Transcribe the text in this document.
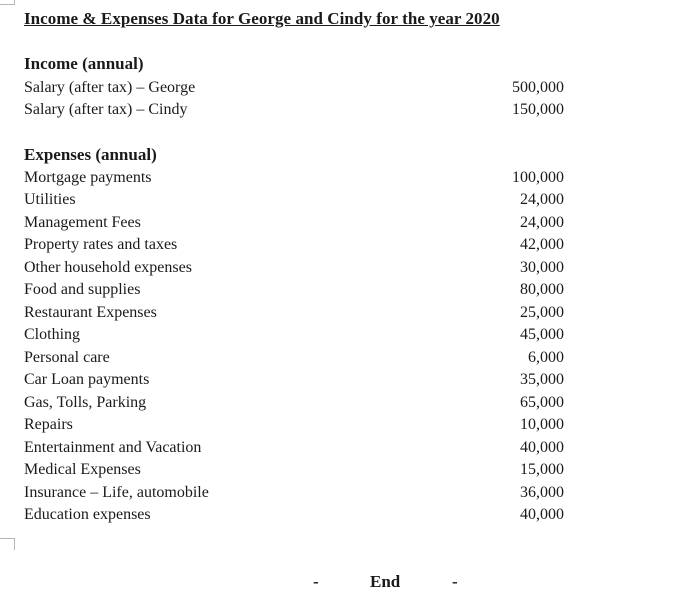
Income & Expenses Data for George and Cindy for the year 2020
Income (annual)
Salary (after tax) – George	500,000
Salary (after tax) – Cindy	150,000
Expenses (annual)
Mortgage payments	100,000
Utilities	24,000
Management Fees	24,000
Property rates and taxes	42,000
Other household expenses	30,000
Food and supplies	80,000
Restaurant Expenses	25,000
Clothing	45,000
Personal care	6,000
Car Loan payments	35,000
Gas, Tolls, Parking	65,000
Repairs	10,000
Entertainment and Vacation	40,000
Medical Expenses	15,000
Insurance – Life, automobile	36,000
Education expenses	40,000
-	End	-
